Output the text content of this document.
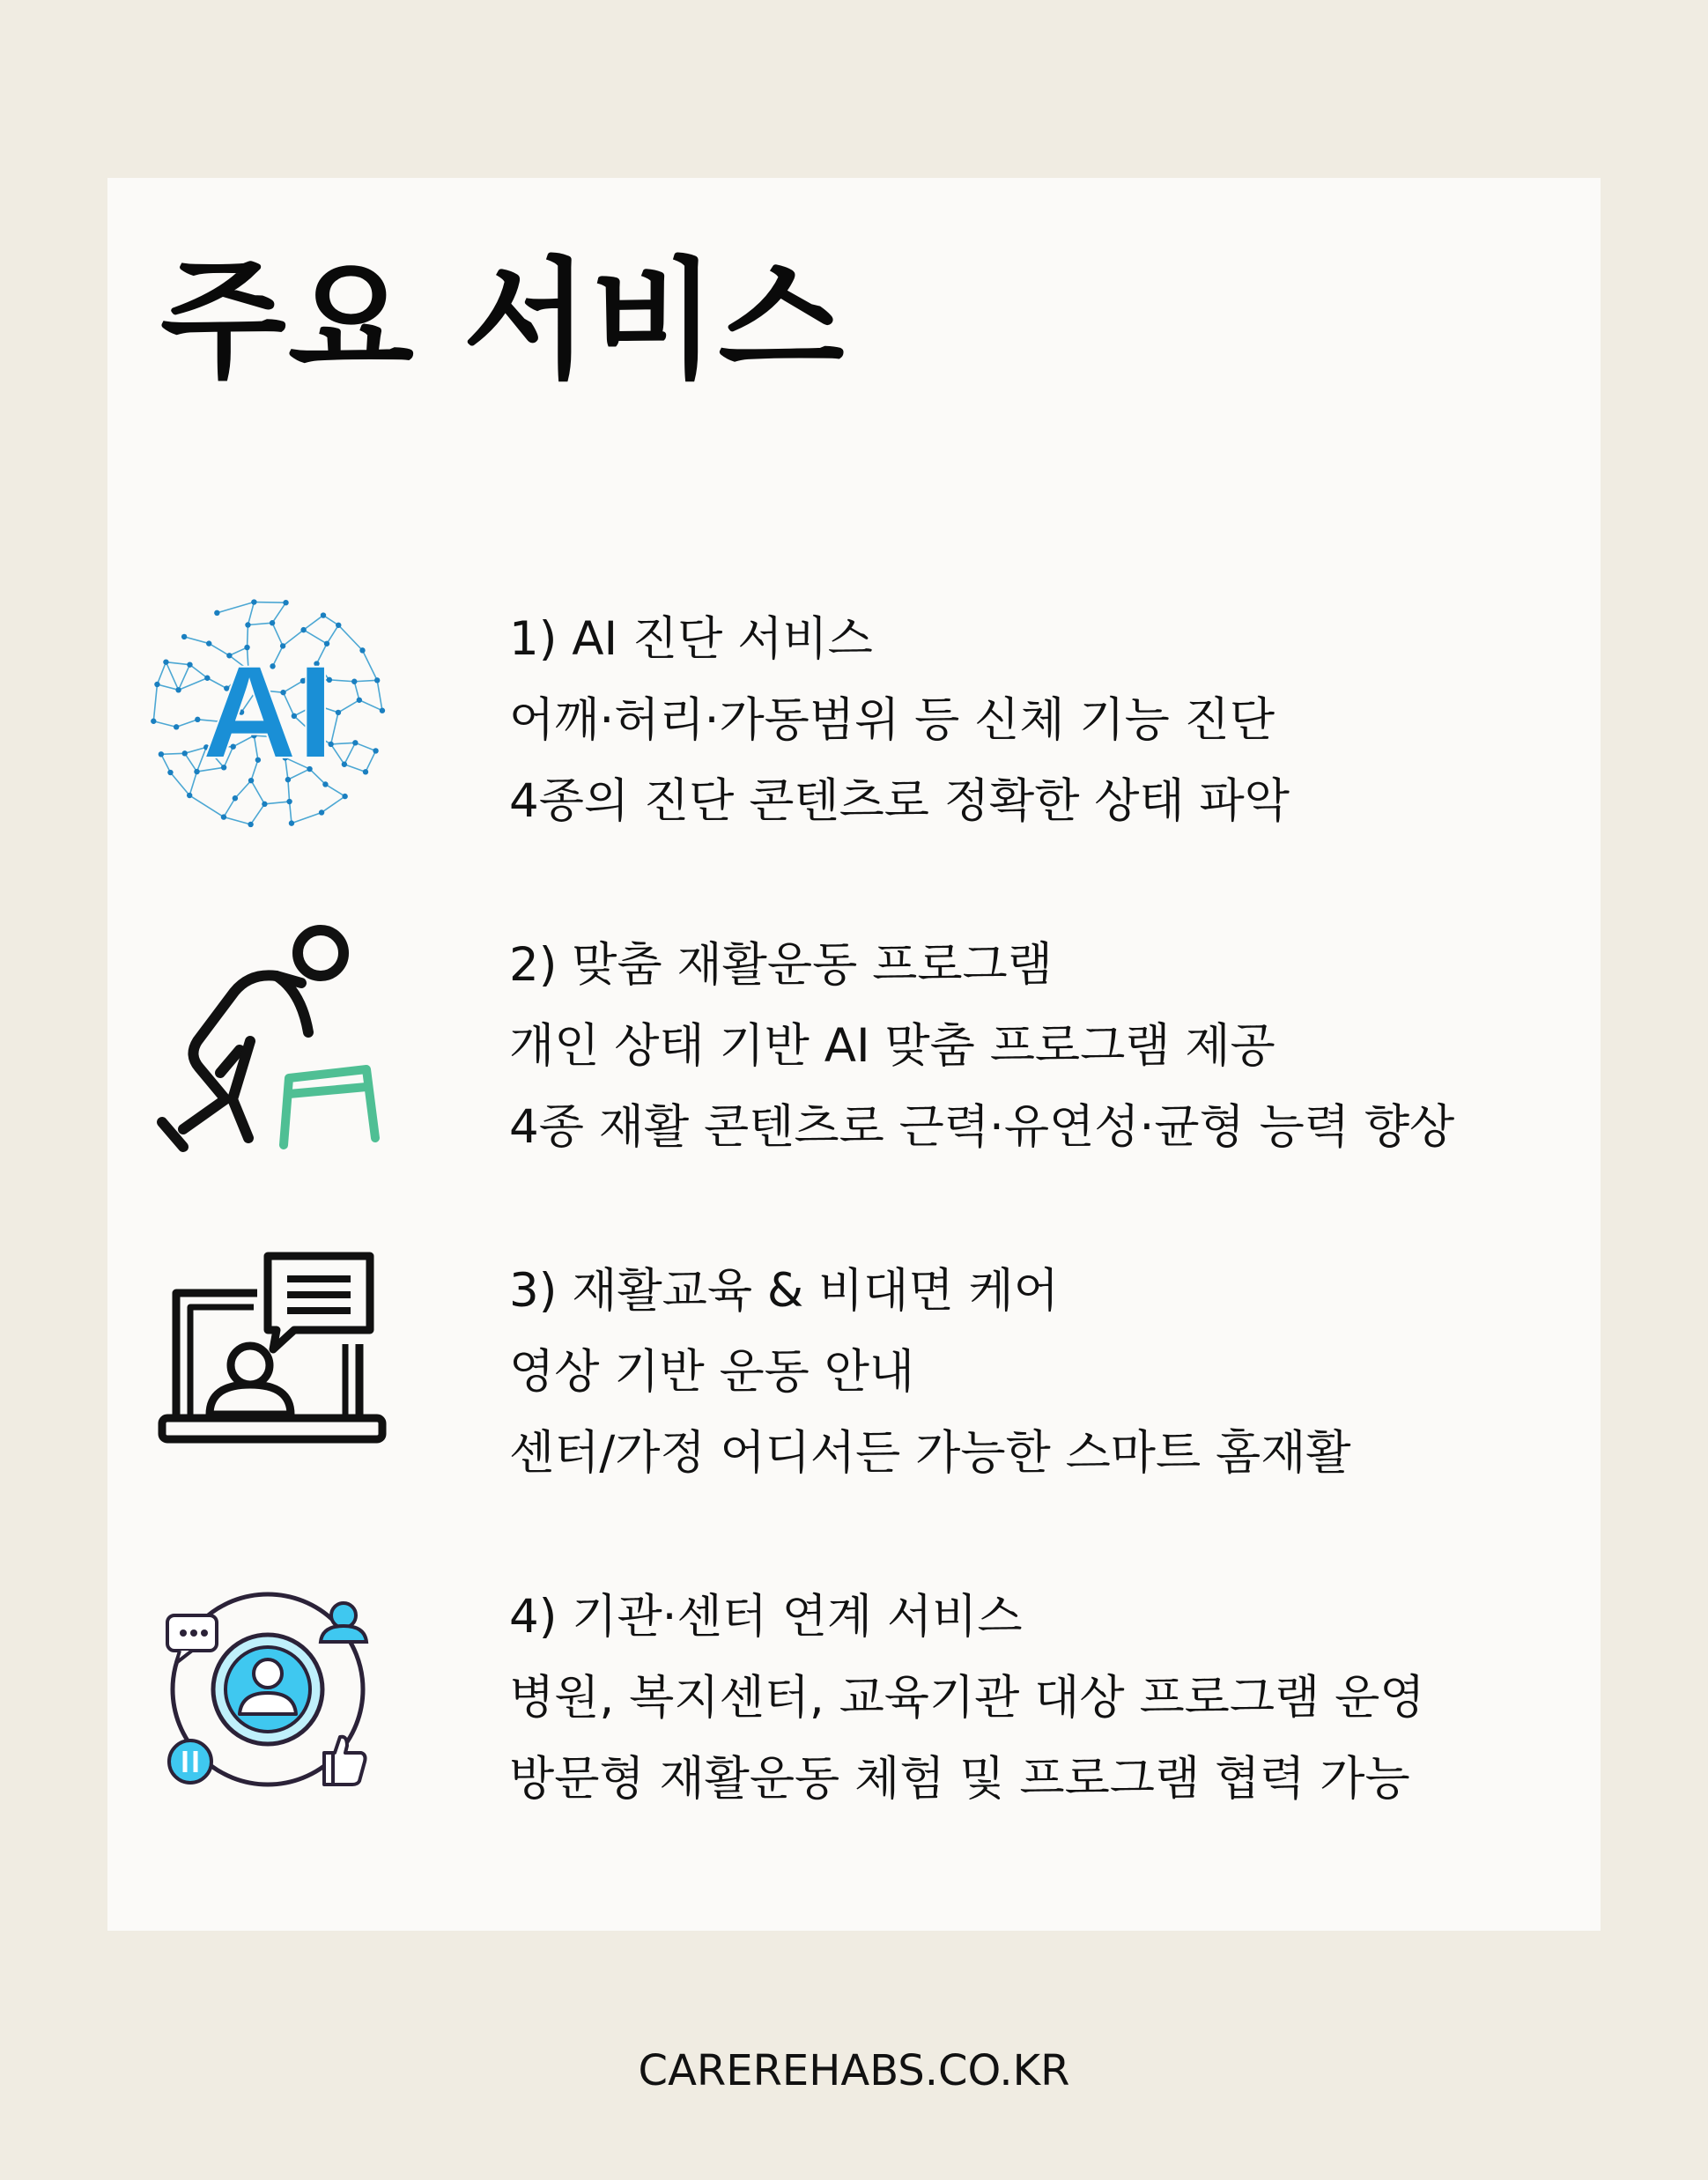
주요 서비스
AI	1) AI 진단 서비스
어깨·허리·가동범위 등 신체 기능 진단
4종의 진단 콘텐츠로 정확한 상태 파악
2) 맞춤 재활운동 프로그램
개인 상태 기반 AI 맞춤 프로그램 제공
4종 재활 콘텐츠로 근력·유연성·균형 능력 향상
3) 재활교육 & 비대면 케어
영상 기반 운동 안내
센터/가정 어디서든 가능한 스마트 홈재활
4) 기관·센터 연계 서비스
병원, 복지센터, 교육기관 대상 프로그램 운영
방문형 재활운동 체험 및 프로그램 협력 가능
CAREREHABS.CO.KR
